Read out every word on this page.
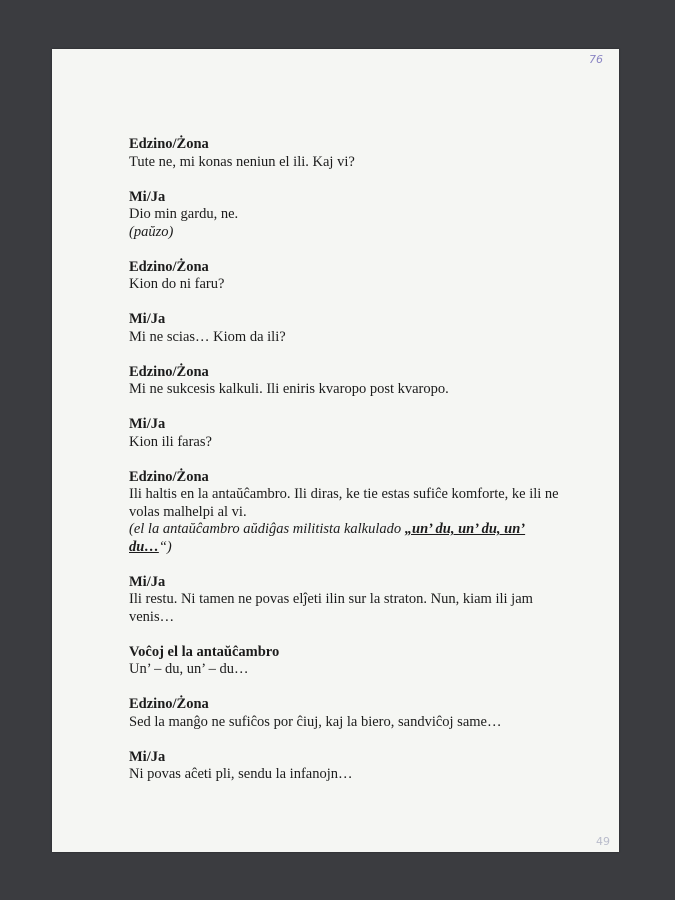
76
Edzino/Żona
Tute ne, mi konas neniun el ili. Kaj vi?
Mi/Ja
Dio min gardu, ne.
(paŭzo)
Edzino/Żona
Kion do ni faru?
Mi/Ja
Mi ne scias… Kiom da ili?
Edzino/Żona
Mi ne sukcesis kalkuli. Ili eniris kvaropo post kvaropo.
Mi/Ja
Kion ili faras?
Edzino/Żona
Ili haltis en la antaŭĉambro. Ili diras, ke tie estas sufiĉe komforte, ke ili ne volas malhelpi al vi.
(el la antaŭĉambro aŭdiĝas militista kalkulado „un’ du, un’ du, un’ du…“)
Mi/Ja
Ili restu. Ni tamen ne povas elĵeti ilin sur la straton. Nun, kiam ili jam venis…
Voĉoj el la antaŭĉambro
Un’ – du, un’ – du…
Edzino/Żona
Sed la manĝo ne sufiĉos por ĉiuj, kaj la biero, sandviĉoj same…
Mi/Ja
Ni povas aĉeti pli, sendu la infanojn…
49
